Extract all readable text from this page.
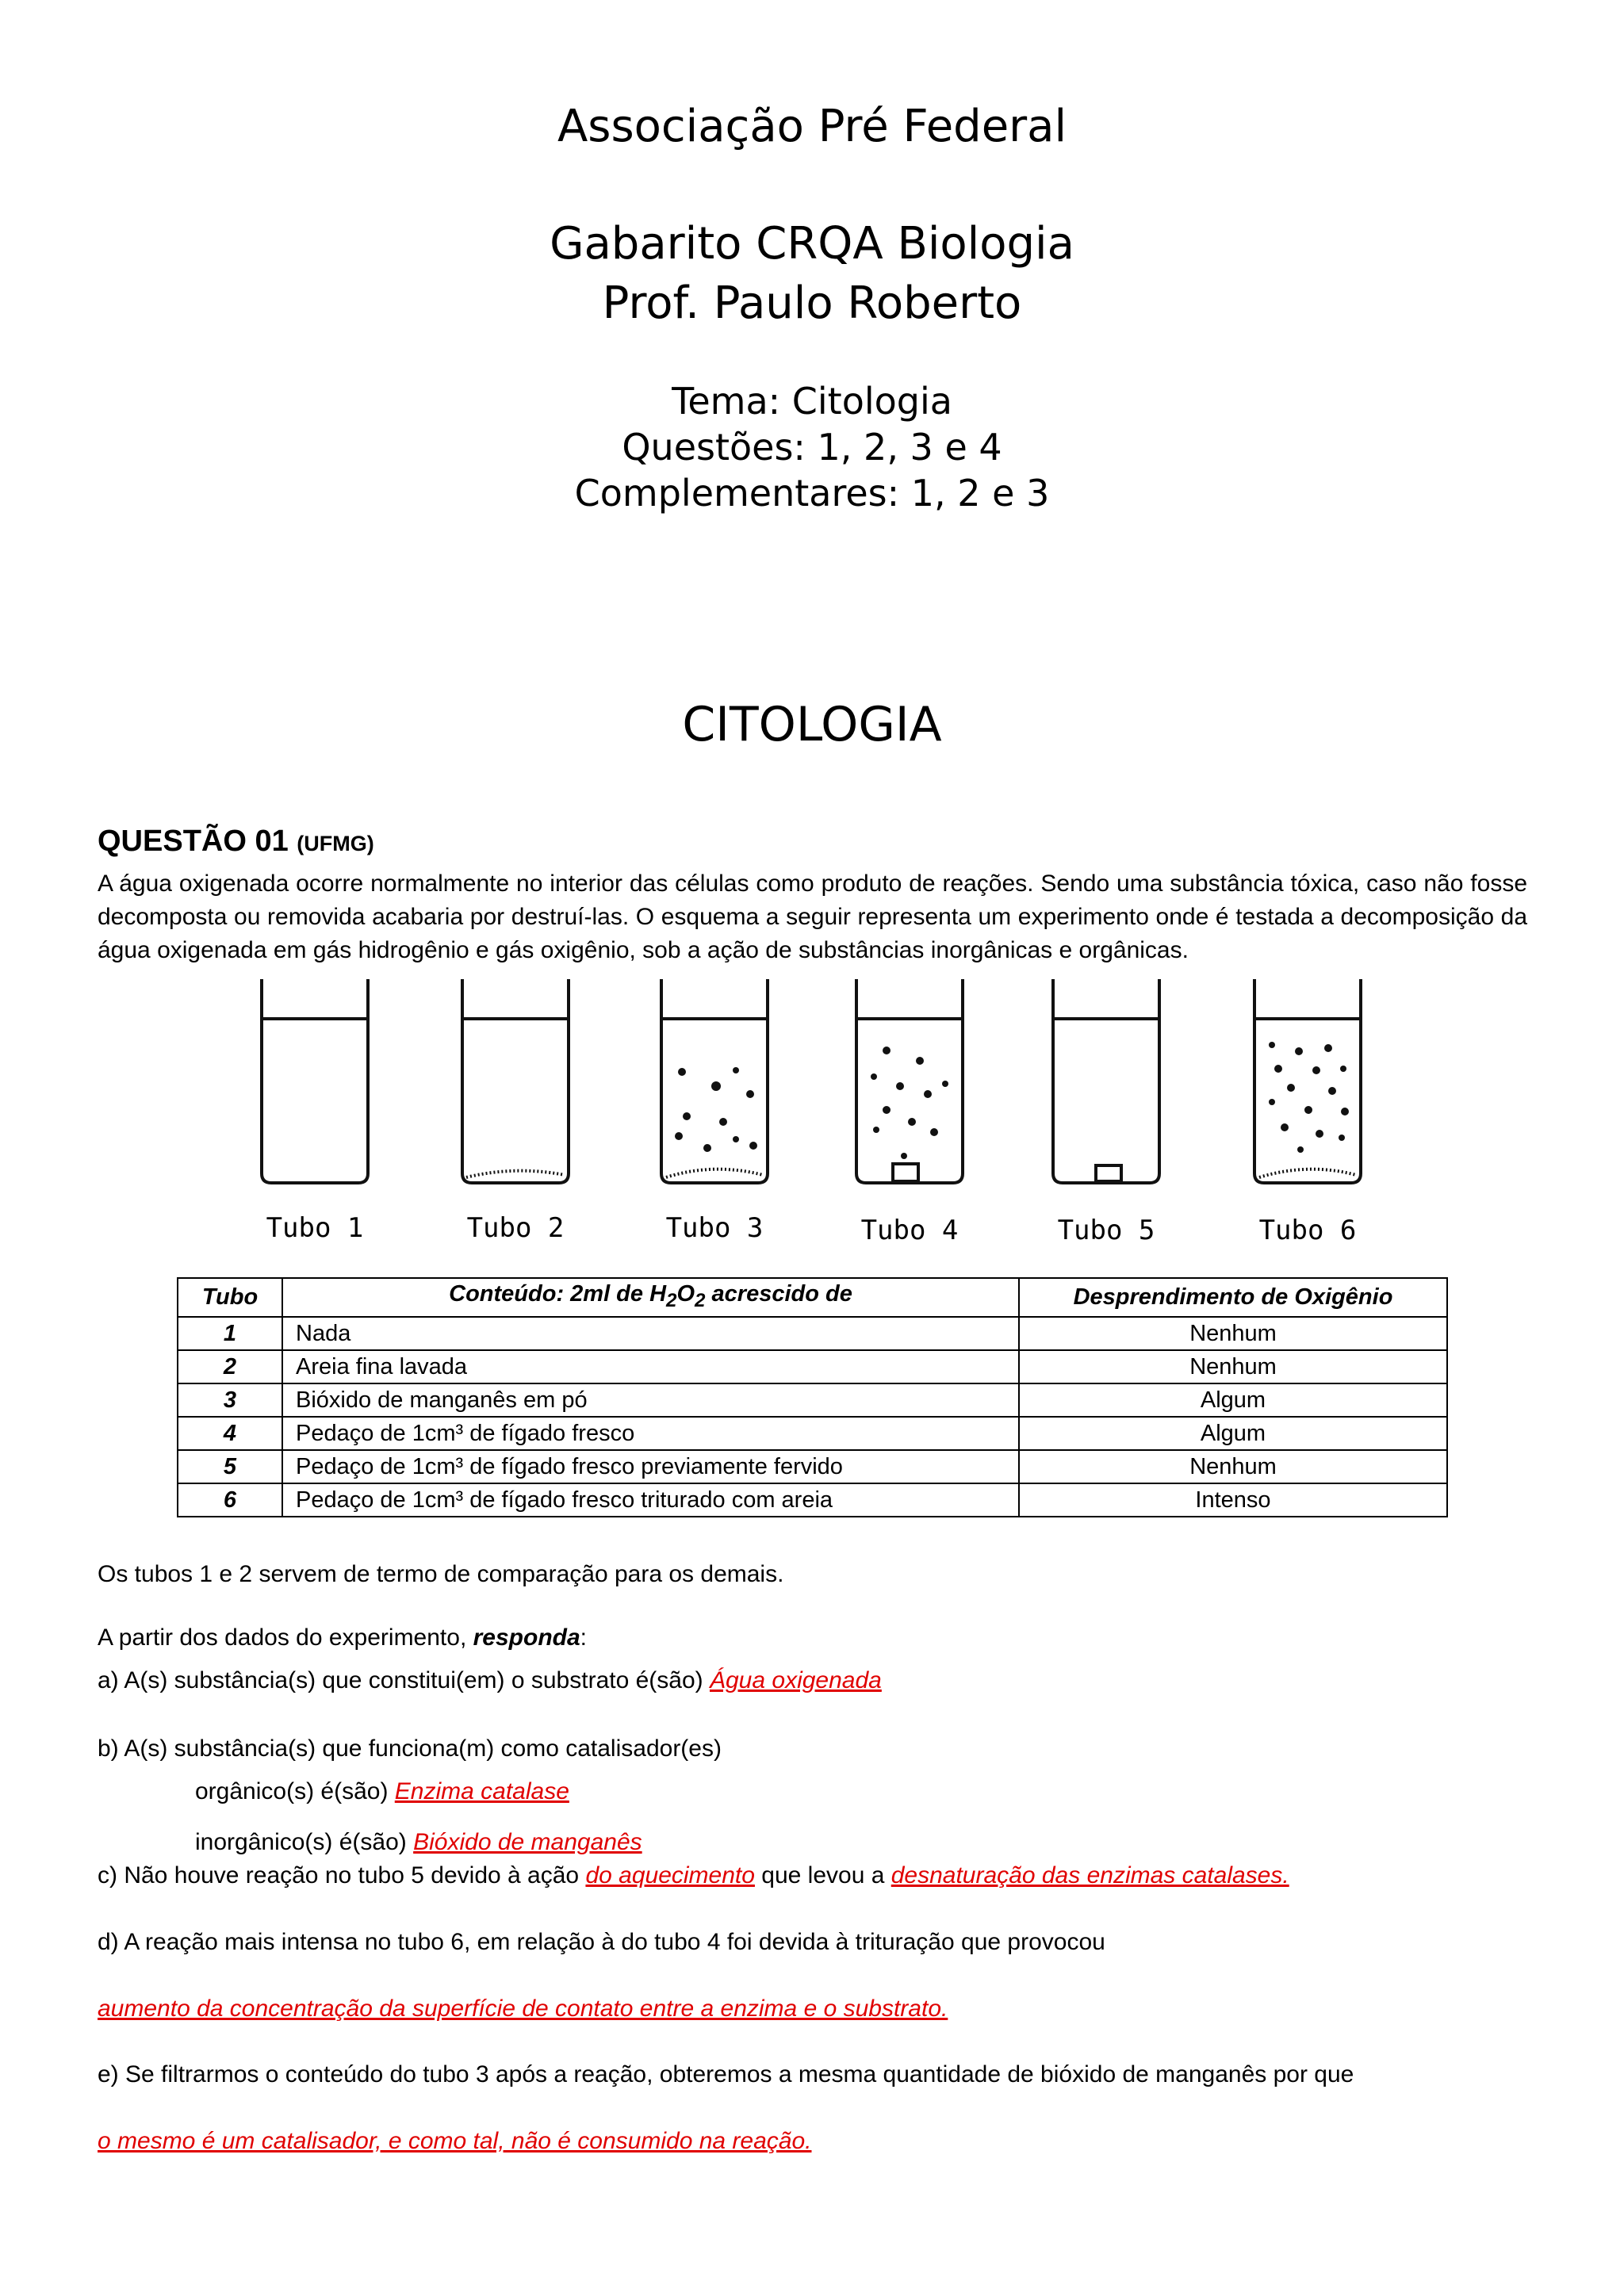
Associação Pré Federal
Gabarito CRQA Biologia
Prof. Paulo Roberto
Tema: Citologia
Questões: 1, 2, 3 e 4
Complementares: 1, 2 e 3
CITOLOGIA
QUESTÃO 01 (UFMG)
A água oxigenada ocorre normalmente no interior das células como produto de reações. Sendo uma substância tóxica, caso não fosse decomposta ou removida acabaria por destruí-las. O esquema a seguir representa um experimento onde é testada a decomposição da água oxigenada em gás hidrogênio e gás oxigênio, sob a ação de substâncias inorgânicas e orgânicas.
Tubo 1	Tubo 2	Tubo 3	Tubo 4	Tubo 5	Tubo 6
Tubo	Conteúdo: 2ml de $H_2O_2$ acrescido de	Desprendimento de Oxigênio
1	Nada	Nenhum
2	Areia fina lavada	Nenhum
3	Bióxido de manganês em pó	Algum
4	Pedaço de 1cm³ de fígado fresco	Algum
5	Pedaço de 1cm³ de fígado fresco previamente fervido	Nenhum
6	Pedaço de 1cm³ de fígado fresco triturado com areia	Intenso
Os tubos 1 e 2 servem de termo de comparação para os demais.
A partir dos dados do experimento, responda:
a) A(s) substância(s) que constitui(em) o substrato é(são) Água oxigenada
b) A(s) substância(s) que funciona(m) como catalisador(es)
orgânico(s) é(são) Enzima catalase
inorgânico(s) é(são) Bióxido de manganês
c) Não houve reação no tubo 5 devido à ação do aquecimento que levou a desnaturação das enzimas catalases.
d) A reação mais intensa no tubo 6, em relação à do tubo 4 foi devida à trituração que provocou
aumento da concentração da superfície de contato entre a enzima e o substrato.
e) Se filtrarmos o conteúdo do tubo 3 após a reação, obteremos a mesma quantidade de bióxido de manganês por que
o mesmo é um catalisador, e como tal, não é consumido na reação.
